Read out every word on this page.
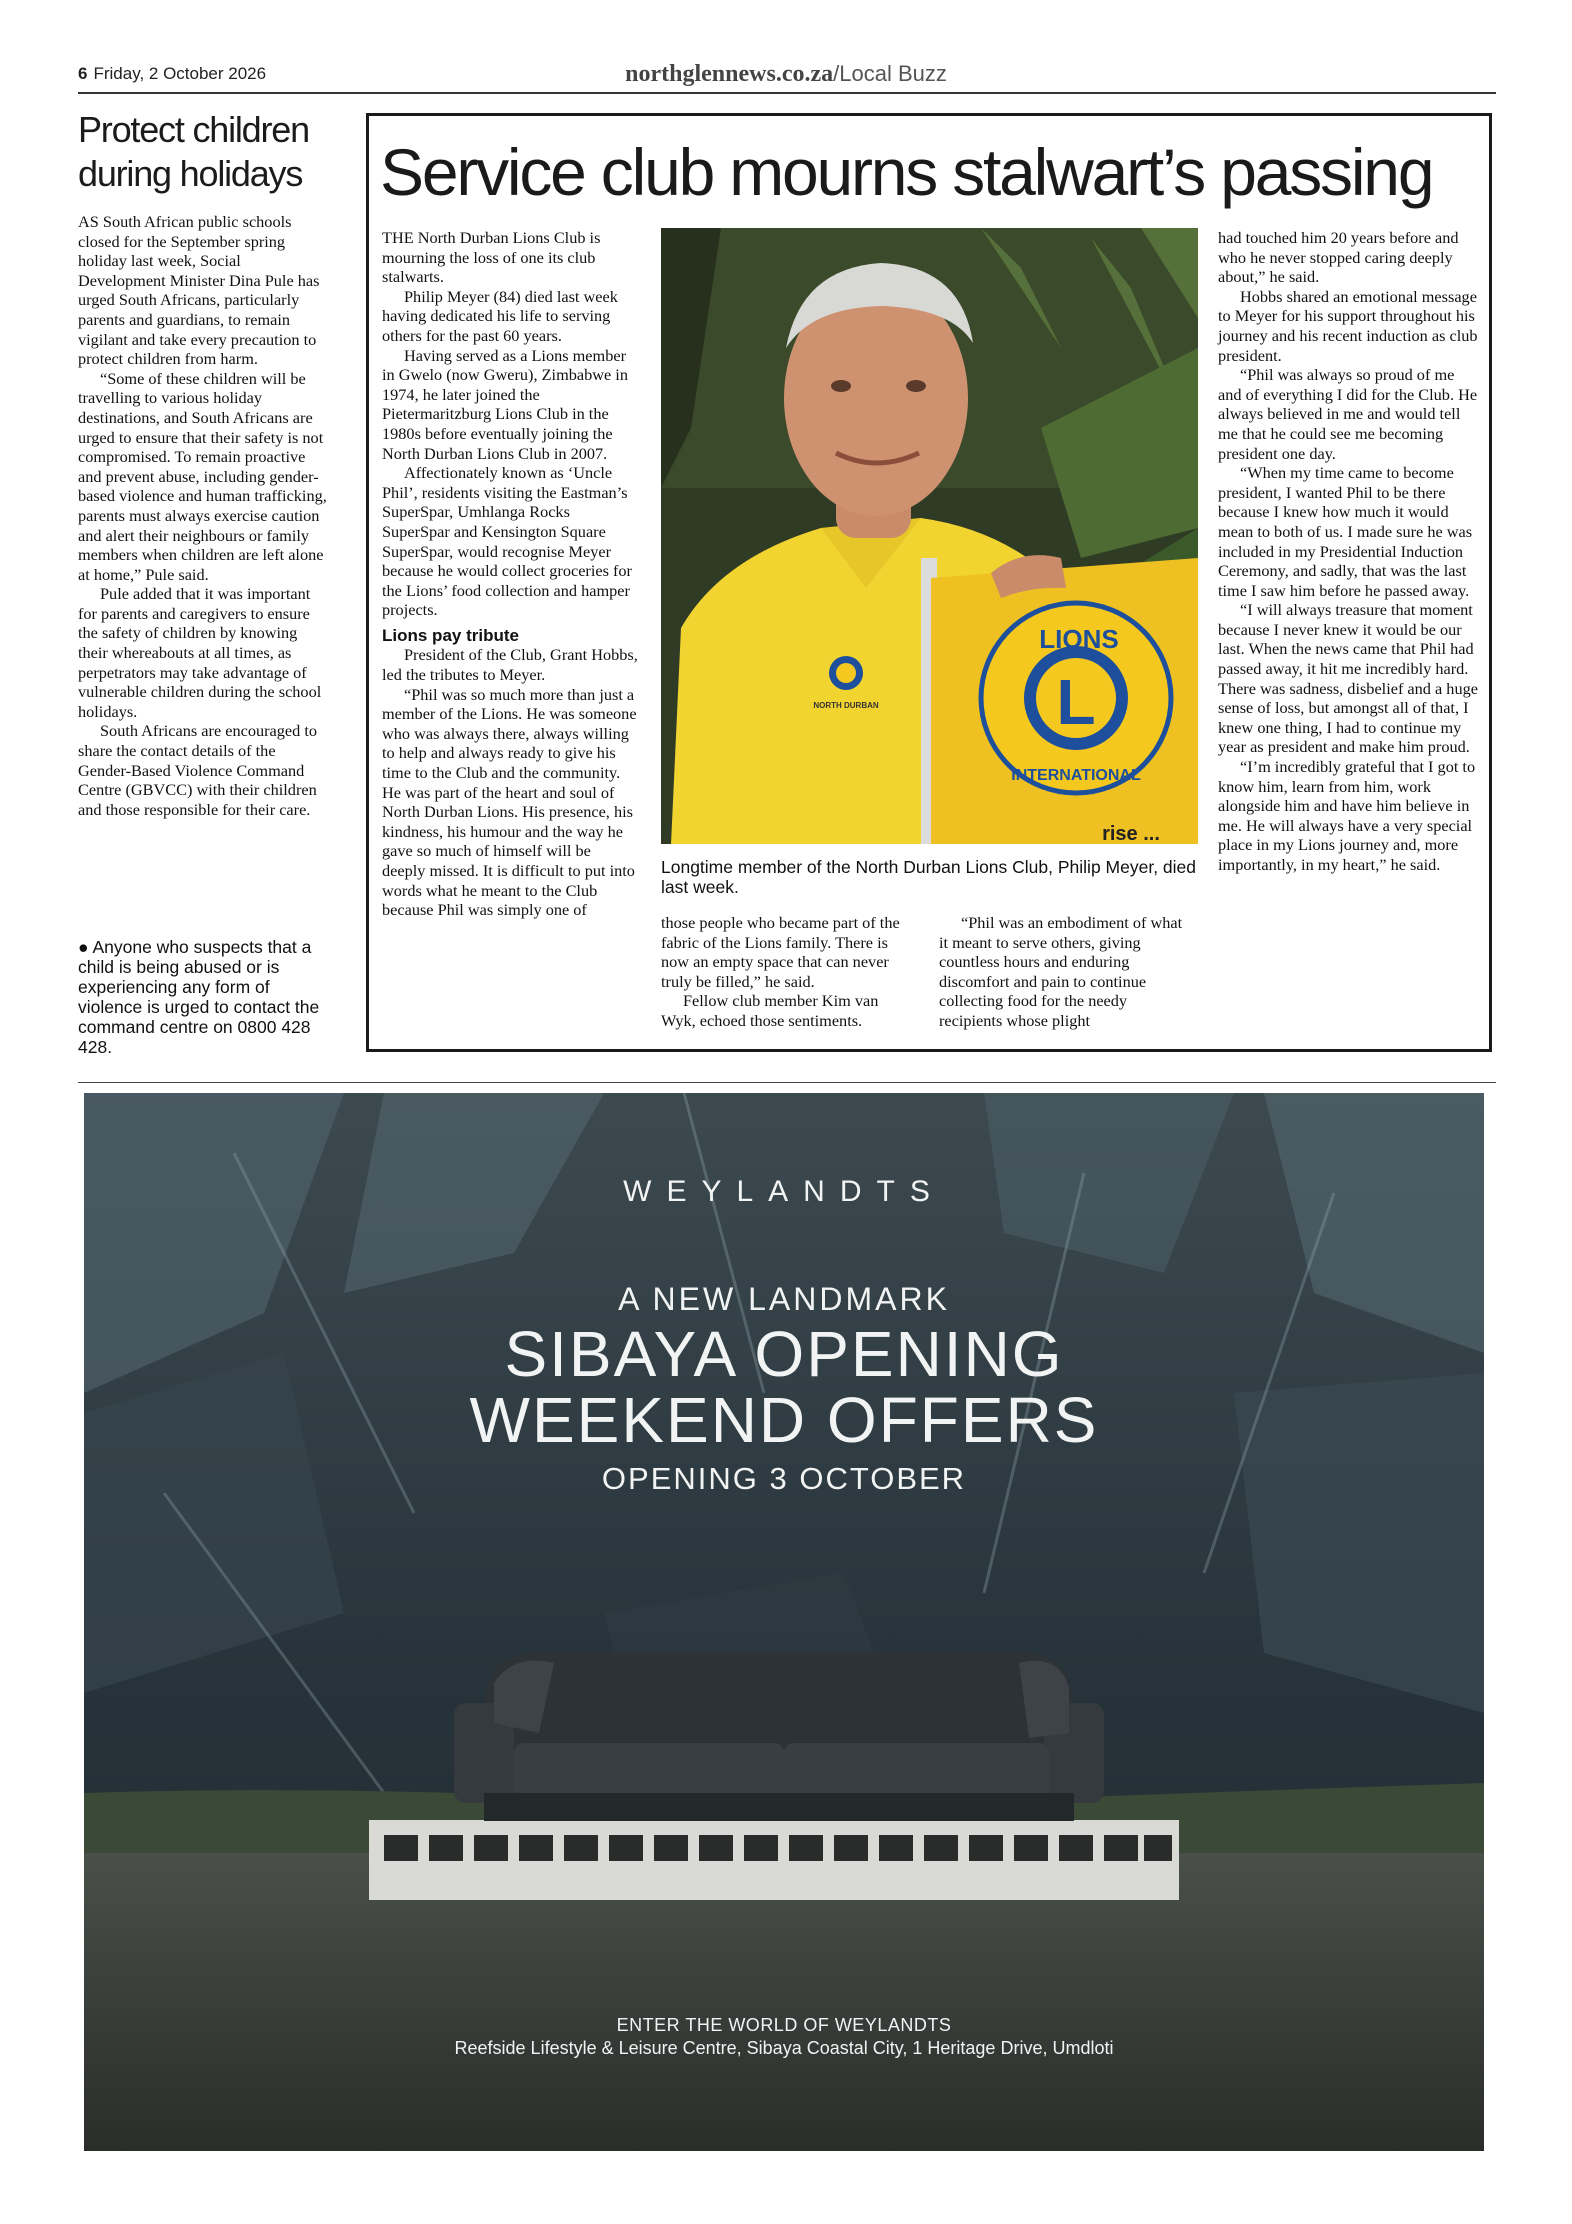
6 Friday, 2 October 2026	northglennews.co.za/Local Buzz
Protect children during holidays

AS South African public schools closed for the September spring holiday last week, Social Development Minister Dina Pule has urged South Africans, particularly parents and guardians, to remain vigilant and take every precaution to protect children from harm.

“Some of these children will be travelling to various holiday destinations, and South Africans are urged to ensure that their safety is not compromised. To remain proactive and prevent abuse, including gender-based violence and human trafficking, parents must always exercise caution and alert their neighbours or family members when children are left alone at home,” Pule said.

Pule added that it was important for parents and caregivers to ensure the safety of children by knowing their whereabouts at all times, as perpetrators may take advantage of vulnerable children during the school holidays.

South Africans are encouraged to share the contact details of the Gender-Based Violence Command Centre (GBVCC) with their children and those responsible for their care.

● Anyone who suspects that a child is being abused or is experiencing any form of violence is urged to contact the command centre on 0800 428 428.
Service club mourns stalwart’s passing

THE North Durban Lions Club is mourning the loss of one its club stalwarts.

Philip Meyer (84) died last week having dedicated his life to serving others for the past 60 years.

Having served as a Lions member in Gwelo (now Gweru), Zimbabwe in 1974, he later joined the Pietermaritzburg Lions Club in the 1980s before eventually joining the North Durban Lions Club in 2007.

Affectionately known as ‘Uncle Phil’, residents visiting the Eastman’s SuperSpar, Umhlanga Rocks SuperSpar and Kensington Square SuperSpar, would recognise Meyer because he would collect groceries for the Lions’ food collection and hamper projects.

Lions pay tribute

President of the Club, Grant Hobbs, led the tributes to Meyer.

“Phil was so much more than just a member of the Lions. He was someone who was always there, always willing to help and always ready to give his time to the Club and the community. He was part of the heart and soul of North Durban Lions. His presence, his kindness, his humour and the way he gave so much of himself will be deeply missed. It is difficult to put into words what he meant to the Club because Phil was simply one of

NORTH DURBAN	L
LIONS
INTERNATIONAL
rise ...
Longtime member of the North Durban Lions Club, Philip Meyer, died last week.

those people who became part of the fabric of the Lions family. There is now an empty space that can never truly be filled,” he said.

Fellow club member Kim van Wyk, echoed those sentiments.

“Phil was an embodiment of what it meant to serve others, giving countless hours and enduring discomfort and pain to continue collecting food for the needy recipients whose plight

had touched him 20 years before and who he never stopped caring deeply about,” he said.

Hobbs shared an emotional message to Meyer for his support throughout his journey and his recent induction as club president.

“Phil was always so proud of me and of everything I did for the Club. He always believed in me and would tell me that he could see me becoming president one day.

“When my time came to become president, I wanted Phil to be there because I knew how much it would mean to both of us. I made sure he was included in my Presidential Induction Ceremony, and sadly, that was the last time I saw him before he passed away.

“I will always treasure that moment because I never knew it would be our last. When the news came that Phil had passed away, it hit me incredibly hard. There was sadness, disbelief and a huge sense of loss, but amongst all of that, I knew one thing, I had to continue my year as president and make him proud.

“I’m incredibly grateful that I got to know him, learn from him, work alongside him and have him believe in me. He will always have a very special place in my Lions journey and, more importantly, in my heart,” he said.

WEYLANDTS
A NEW LANDMARK
SIBAYA OPENING
WEEKEND OFFERS
OPENING 3 OCTOBER
ENTER THE WORLD OF WEYLANDTS
Reefside Lifestyle & Leisure Centre, Sibaya Coastal City, 1 Heritage Drive, Umdloti
